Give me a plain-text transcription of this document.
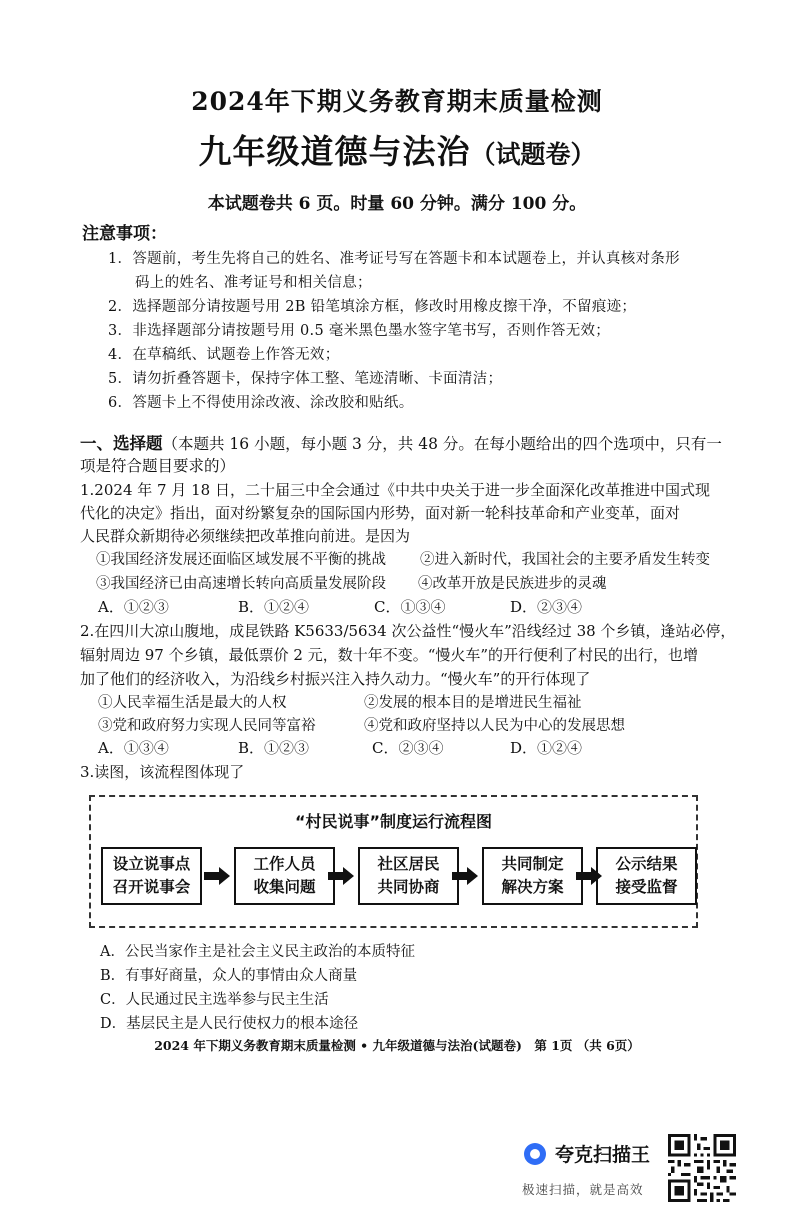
2024年下期义务教育期末质量检测
九年级道德与法治（试题卷）
本试题卷共 6 页。时量 60 分钟。满分 100 分。
注意事项：
1．答题前，考生先将自己的姓名、准考证号写在答题卡和本试题卷上，并认真核对条形
码上的姓名、准考证号和相关信息；
2．选择题部分请按题号用 2B 铅笔填涂方框，修改时用橡皮擦干净，不留痕迹；
3．非选择题部分请按题号用 0.5 毫米黑色墨水签字笔书写，否则作答无效；
4．在草稿纸、试题卷上作答无效；
5．请勿折叠答题卡，保持字体工整、笔迹清晰、卡面清洁；
6．答题卡上不得使用涂改液、涂改胶和贴纸。
一、选择题（本题共 16 小题，每小题 3 分，共 48 分。在每小题给出的四个选项中，只有一
项是符合题目要求的）
1.2024 年 7 月 18 日，二十届三中全会通过《中共中央关于进一步全面深化改革推进中国式现
代化的决定》指出，面对纷繁复杂的国际国内形势，面对新一轮科技革命和产业变革，面对
人民群众新期待必须继续把改革推向前进。是因为
①我国经济发展还面临区域发展不平衡的挑战 ②进入新时代，我国社会的主要矛盾发生转变
③我国经济已由高速增长转向高质量发展阶段 ④改革开放是民族进步的灵魂
A．①②③	B．①②④	C．①③④	D．②③④
2.在四川大凉山腹地，成昆铁路 K5633/5634 次公益性“慢火车”沿线经过 38 个乡镇，逢站必停，
辐射周边 97 个乡镇，最低票价 2 元，数十年不变。“慢火车”的开行便利了村民的出行，也增
加了他们的经济收入，为沿线乡村振兴注入持久动力。“慢火车”的开行体现了
①人民幸福生活是最大的人权	②发展的根本目的是增进民生福祉
③党和政府努力实现人民同等富裕	④党和政府坚持以人民为中心的发展思想
A．①③④	B．①②③	C．②③④	D．①②④
3.读图，该流程图体现了
“村民说事”制度运行流程图
设立说事点
召开说事会
工作人员
收集问题
社区居民
共同协商
共同制定
解决方案
公示结果
接受监督
A．公民当家作主是社会主义民主政治的本质特征
B．有事好商量，众人的事情由众人商量
C．人民通过民主选举参与民主生活
D．基层民主是人民行使权力的根本途径
2024 年下期义务教育期末质量检测 • 九年级道德与法治(试题卷)　第 1页 （共 6页）
夸克扫描王
极速扫描，就是高效
